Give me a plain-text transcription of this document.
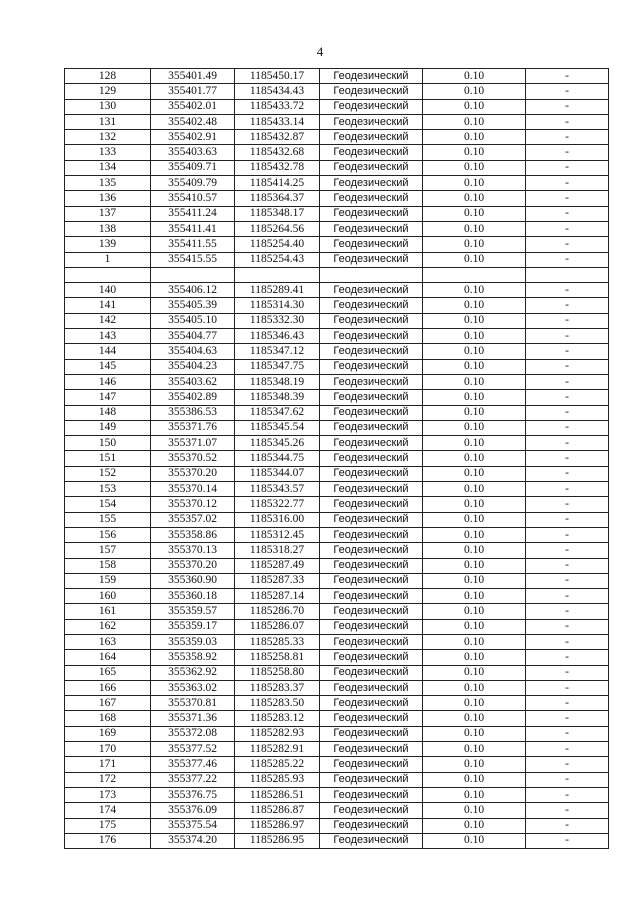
4
128	355401.49	1185450.17	Геодезический	0.10	-
129	355401.77	1185434.43	Геодезический	0.10	-
130	355402.01	1185433.72	Геодезический	0.10	-
131	355402.48	1185433.14	Геодезический	0.10	-
132	355402.91	1185432.87	Геодезический	0.10	-
133	355403.63	1185432.68	Геодезический	0.10	-
134	355409.71	1185432.78	Геодезический	0.10	-
135	355409.79	1185414.25	Геодезический	0.10	-
136	355410.57	1185364.37	Геодезический	0.10	-
137	355411.24	1185348.17	Геодезический	0.10	-
138	355411.41	1185264.56	Геодезический	0.10	-
139	355411.55	1185254.40	Геодезический	0.10	-
1	355415.55	1185254.43	Геодезический	0.10	-

140	355406.12	1185289.41	Геодезический	0.10	-
141	355405.39	1185314.30	Геодезический	0.10	-
142	355405.10	1185332.30	Геодезический	0.10	-
143	355404.77	1185346.43	Геодезический	0.10	-
144	355404.63	1185347.12	Геодезический	0.10	-
145	355404.23	1185347.75	Геодезический	0.10	-
146	355403.62	1185348.19	Геодезический	0.10	-
147	355402.89	1185348.39	Геодезический	0.10	-
148	355386.53	1185347.62	Геодезический	0.10	-
149	355371.76	1185345.54	Геодезический	0.10	-
150	355371.07	1185345.26	Геодезический	0.10	-
151	355370.52	1185344.75	Геодезический	0.10	-
152	355370.20	1185344.07	Геодезический	0.10	-
153	355370.14	1185343.57	Геодезический	0.10	-
154	355370.12	1185322.77	Геодезический	0.10	-
155	355357.02	1185316.00	Геодезический	0.10	-
156	355358.86	1185312.45	Геодезический	0.10	-
157	355370.13	1185318.27	Геодезический	0.10	-
158	355370.20	1185287.49	Геодезический	0.10	-
159	355360.90	1185287.33	Геодезический	0.10	-
160	355360.18	1185287.14	Геодезический	0.10	-
161	355359.57	1185286.70	Геодезический	0.10	-
162	355359.17	1185286.07	Геодезический	0.10	-
163	355359.03	1185285.33	Геодезический	0.10	-
164	355358.92	1185258.81	Геодезический	0.10	-
165	355362.92	1185258.80	Геодезический	0.10	-
166	355363.02	1185283.37	Геодезический	0.10	-
167	355370.81	1185283.50	Геодезический	0.10	-
168	355371.36	1185283.12	Геодезический	0.10	-
169	355372.08	1185282.93	Геодезический	0.10	-
170	355377.52	1185282.91	Геодезический	0.10	-
171	355377.46	1185285.22	Геодезический	0.10	-
172	355377.22	1185285.93	Геодезический	0.10	-
173	355376.75	1185286.51	Геодезический	0.10	-
174	355376.09	1185286.87	Геодезический	0.10	-
175	355375.54	1185286.97	Геодезический	0.10	-
176	355374.20	1185286.95	Геодезический	0.10	-
